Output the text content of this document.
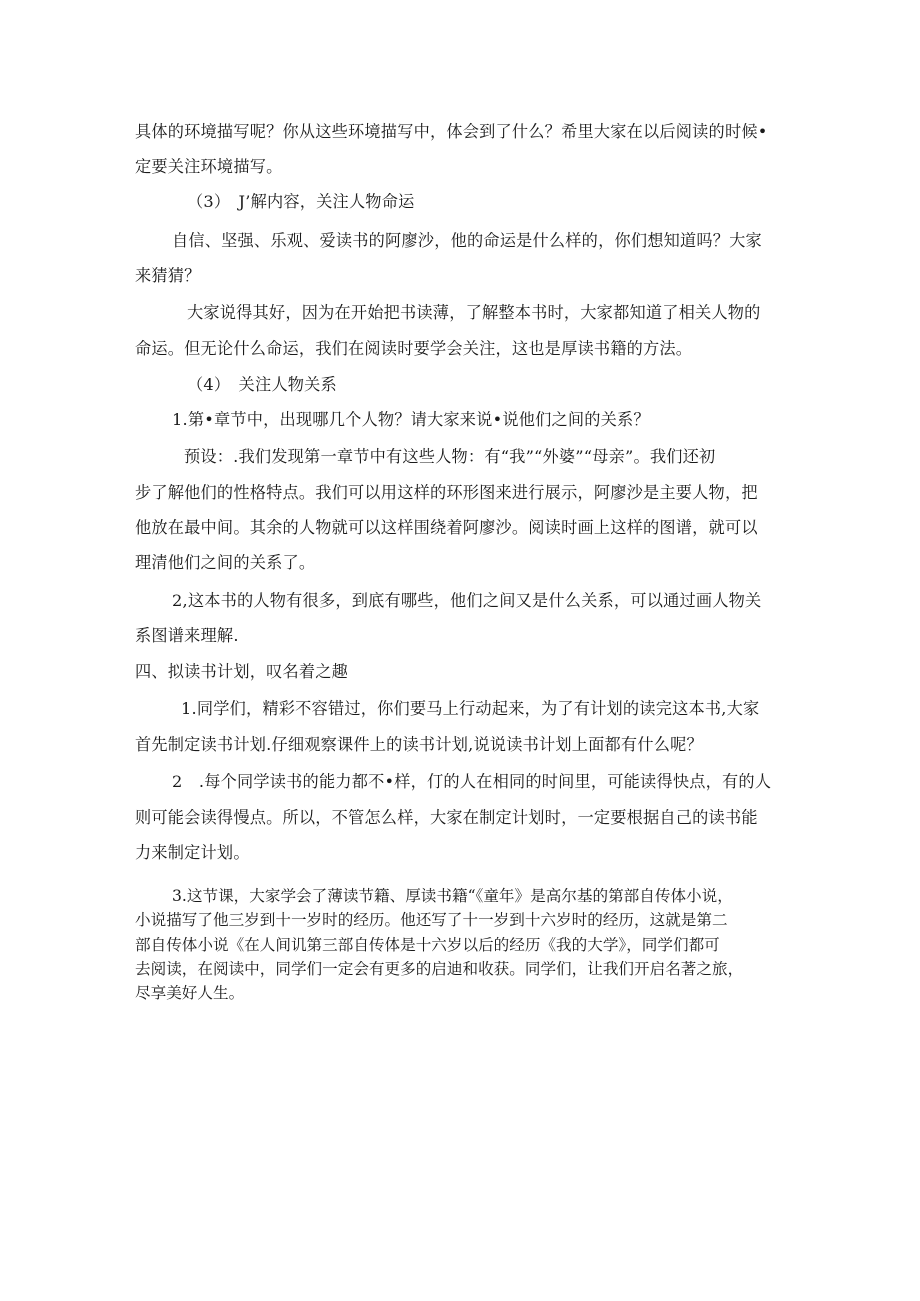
具体的环境描写呢？你从这些环境描写中，体会到了什么？希里大家在以后阅读的时候•
定要关注环境描写。
（3）　J’解内容，关注人物命运
自信、坚强、乐观、爱读书的阿廖沙，他的命运是什么样的，你们想知道吗？大家
来猜猜？
大家说得其好，因为在开始把书读薄，了解整本书时，大家都知道了相关人物的
命运。但无论什么命运，我们在阅读时要学会关注，这也是厚读书籍的方法。
（4）　关注人物关系
1.第•章节中，出现哪几个人物？请大家来说•说他们之间的关系？
预设：.我们发现第一章节中有这些人物：有“我”“外婆”“母亲”。我们还初
步了解他们的性格特点。我们可以用这样的环形图来进行展示，阿廖沙是主要人物，把
他放在最中间。其余的人物就可以这样围绕着阿廖沙。阅读时画上这样的图谱，就可以
理清他们之间的关系了。
2,这本书的人物有很多，到底有哪些，他们之间又是什么关系，可以通过画人物关
系图谱来理解.
四、拟读书计划，叹名着之趣
1.同学们，精彩不容错过，你们要马上行动起来，为了有计划的读完这本书,大家
首先制定读书计划.仔细观察课件上的读书计划,说说读书计划上面都有什么呢？
2　.每个同学读书的能力都不•样，仃的人在相同的时间里，可能读得快点，有的人
则可能会读得慢点。所以，不管怎么样，大家在制定计划时，一定要根据自己的读书能
力来制定计划。
3.这节课，大家学会了薄读节籍、厚读书籍“《童年》是高尔基的第部自传体小说，
小说描写了他三岁到十一岁时的经历。他还写了十一岁到十六岁时的经历，这就是第二
部自传体小说《在人间讥第三部自传体是十六岁以后的经历《我的大学》，同学们都可
去阅读，在阅读中，同学们一定会有更多的启迪和收获。同学们，让我们开启名著之旅，
尽享美好人生。
